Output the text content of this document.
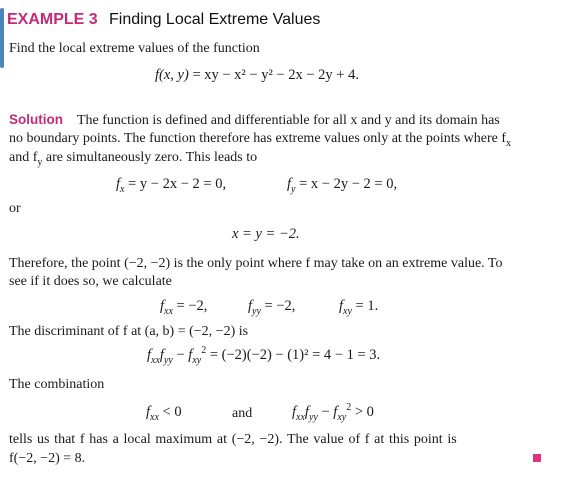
EXAMPLE 3 Finding Local Extreme Values
Find the local extreme values of the function
f(x, y) = xy − x² − y² − 2x − 2y + 4.
Solution The function is defined and differentiable for all x and y and its domain has
no boundary points. The function therefore has extreme values only at the points where $f_x$
and $f_y$ are simultaneously zero. This leads to
$f_x = y - 2x - 2 = 0$,	$f_y = x - 2y - 2 = 0$,
or
x = y = −2.
Therefore, the point (−2, −2) is the only point where f may take on an extreme value. To
see if it does so, we calculate
$f_{xx} = -2$,	$f_{yy} = -2$,	$f_{xy} = 1$.
The discriminant of f at (a, b) = (−2, −2) is
$f_{xx}f_{yy} - f_{xy}^2 = (-2)(-2) - (1)^2 = 4 - 1 = 3$.
The combination
$f_{xx} < 0$	and	$f_{xx}f_{yy} - f_{xy}^2 > 0$
tells us that f has a local maximum at (−2, −2). The value of f at this point is
f(−2, −2) = 8.
